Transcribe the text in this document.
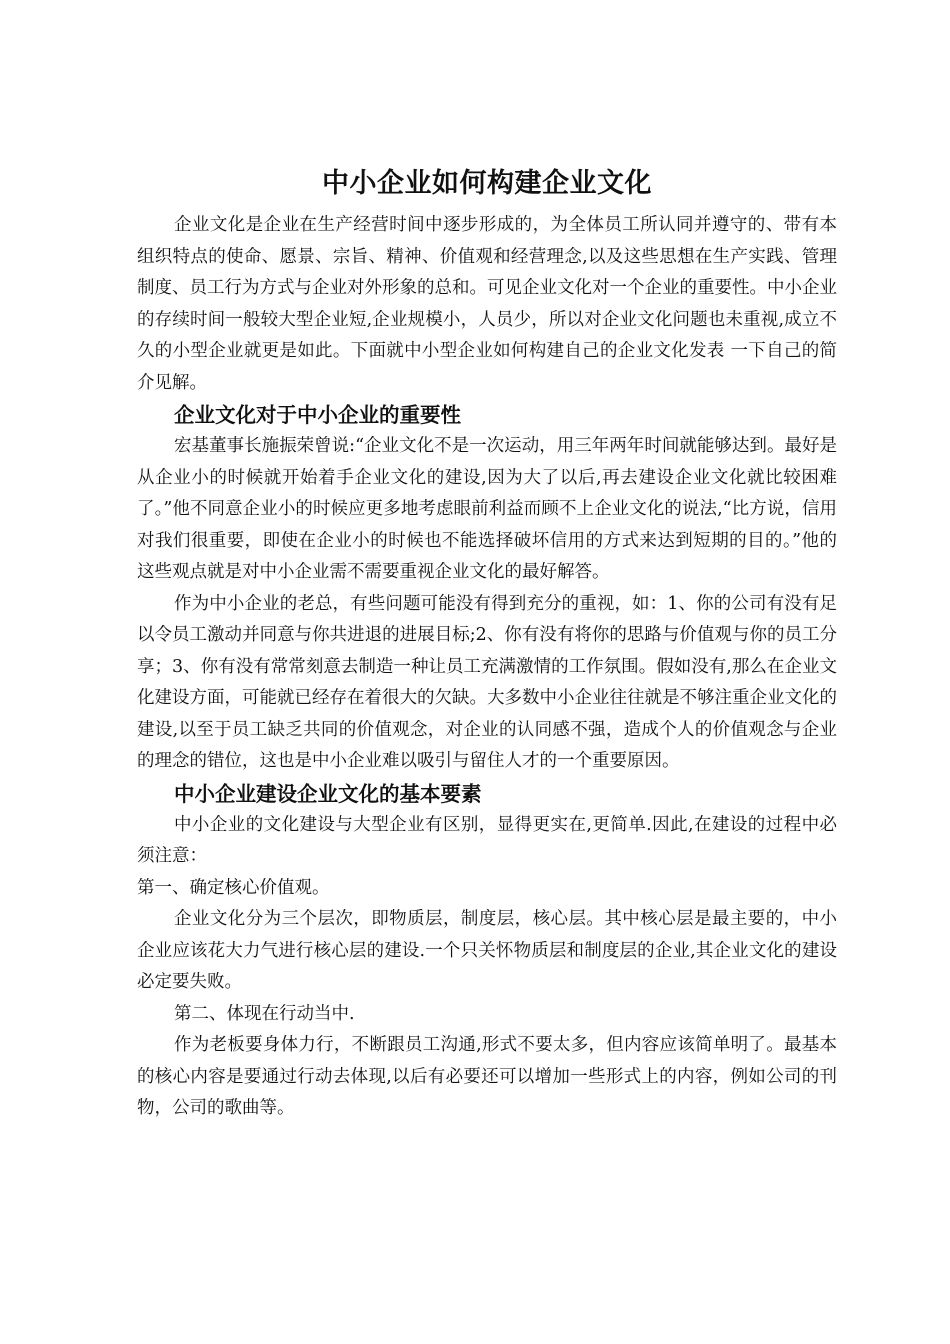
中小企业如何构建企业文化

企业文化是企业在生产经营时间中逐步形成的，为全体员工所认同并遵守的、带有本组织特点的使命、愿景、宗旨、精神、价值观和经营理念,以及这些思想在生产实践、管理制度、员工行为方式与企业对外形象的总和。可见企业文化对一个企业的重要性。中小企业的存续时间一般较大型企业短,企业规模小，人员少，所以对企业文化问题也未重视,成立不久的小型企业就更是如此。下面就中小型企业如何构建自己的企业文化发表 一下自己的简介见解。

企业文化对于中小企业的重要性

宏基董事长施振荣曾说:“企业文化不是一次运动，用三年两年时间就能够达到。最好是从企业小的时候就开始着手企业文化的建设,因为大了以后,再去建设企业文化就比较困难了。”他不同意企业小的时候应更多地考虑眼前利益而顾不上企业文化的说法,“比方说，信用对我们很重要，即使在企业小的时候也不能选择破坏信用的方式来达到短期的目的。”他的这些观点就是对中小企业需不需要重视企业文化的最好解答。

作为中小企业的老总，有些问题可能没有得到充分的重视，如：1、你的公司有没有足以令员工激动并同意与你共进退的进展目标;2、你有没有将你的思路与价值观与你的员工分享；3、你有没有常常刻意去制造一种让员工充满激情的工作氛围。假如没有,那么在企业文化建设方面，可能就已经存在着很大的欠缺。大多数中小企业往往就是不够注重企业文化的建设,以至于员工缺乏共同的价值观念，对企业的认同感不强，造成个人的价值观念与企业的理念的错位，这也是中小企业难以吸引与留住人才的一个重要原因。

中小企业建设企业文化的基本要素

中小企业的文化建设与大型企业有区别，显得更实在,更简单.因此,在建设的过程中必须注意：

第一、确定核心价值观。

企业文化分为三个层次，即物质层，制度层，核心层。其中核心层是最主要的，中小企业应该花大力气进行核心层的建设.一个只关怀物质层和制度层的企业,其企业文化的建设必定要失败。

第二、体现在行动当中.

作为老板要身体力行，不断跟员工沟通,形式不要太多，但内容应该简单明了。最基本的核心内容是要通过行动去体现,以后有必要还可以增加一些形式上的内容，例如公司的刊物，公司的歌曲等。
